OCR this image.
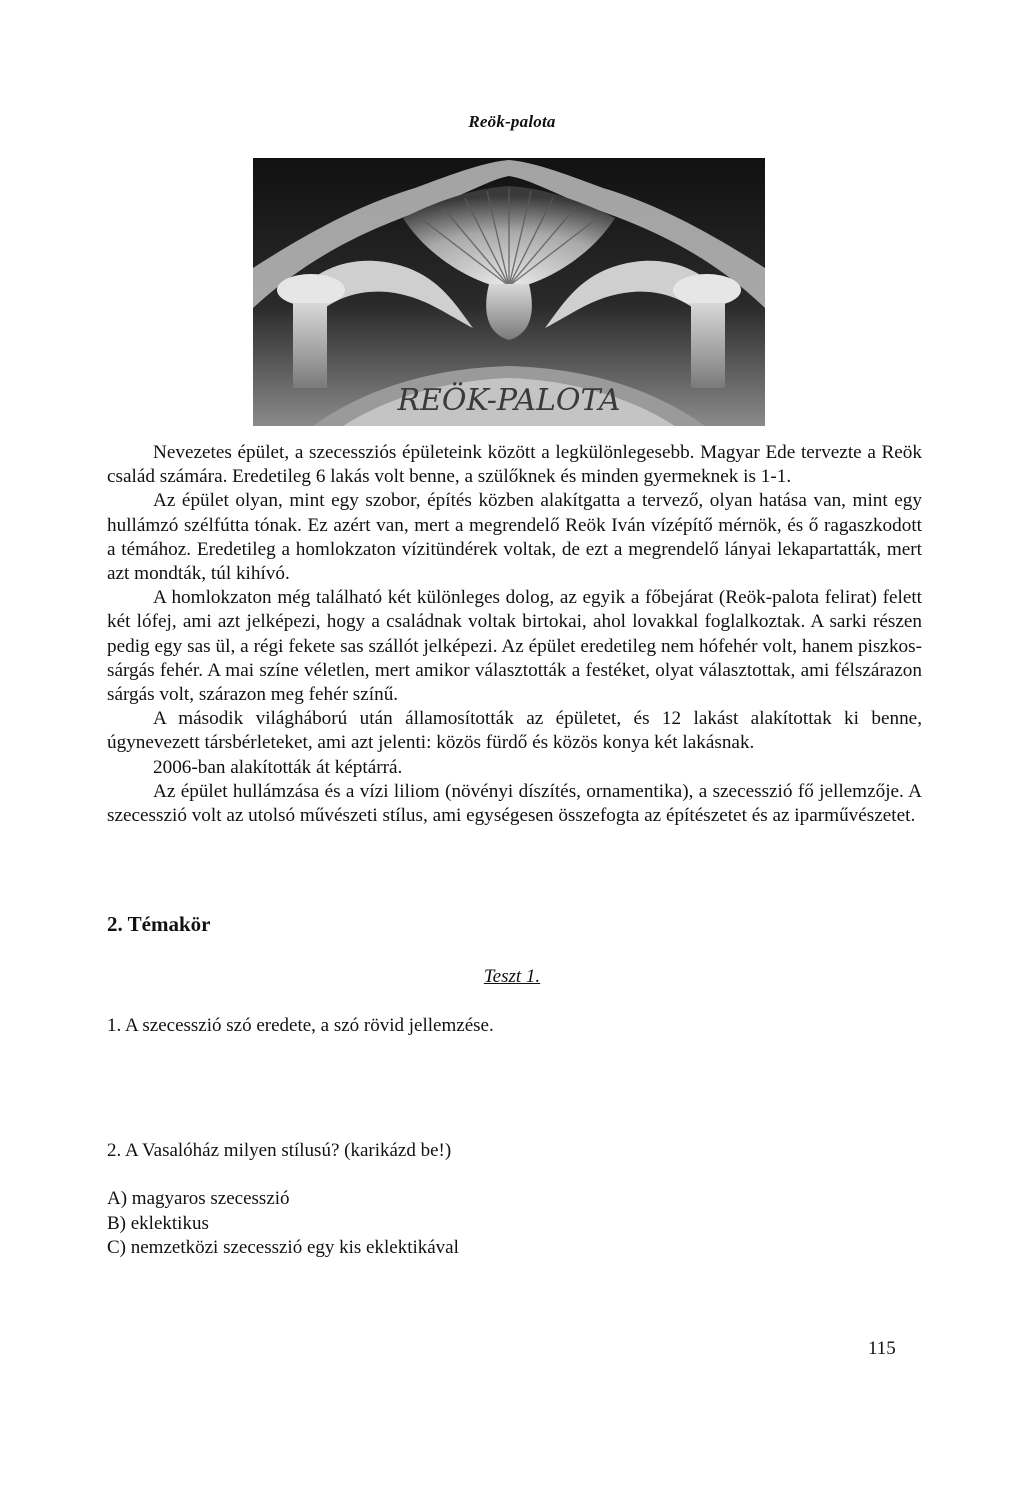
Reök-palota
REÖK-PALOTA

Nevezetes épület, a szecessziós épületeink között a legkülönlegesebb. Magyar Ede tervezte a Reök család számára. Eredetileg 6 lakás volt benne, a szülőknek és minden gyermeknek is 1-1.

Az épület olyan, mint egy szobor, építés közben alakítgatta a tervező, olyan hatása van, mint egy hullámzó szélfútta tónak. Ez azért van, mert a megrendelő Reök Iván vízépítő mérnök, és ő ragaszkodott a témához. Eredetileg a homlokzaton vízitündérek voltak, de ezt a megrendelő lányai lekapartatták, mert azt mondták, túl kihívó.

A homlokzaton még található két különleges dolog, az egyik a főbejárat (Reök-palota felirat) felett két lófej, ami azt jelképezi, hogy a családnak voltak birtokai, ahol lovakkal foglalkoztak. A sarki részen pedig egy sas ül, a régi fekete sas szállót jelképezi. Az épület eredetileg nem hófehér volt, hanem piszkos-sárgás fehér. A mai színe véletlen, mert amikor választották a festéket, olyat választottak, ami félszárazon sárgás volt, szárazon meg fehér színű.

A második világháború után államosították az épületet, és 12 lakást alakítottak ki benne, úgynevezett társbérleteket, ami azt jelenti: közös fürdő és közös konya két lakásnak.

2006-ban alakították át képtárrá.

Az épület hullámzása és a vízi liliom (növényi díszítés, ornamentika), a szecesszió fő jellemzője. A szecesszió volt az utolsó művészeti stílus, ami egységesen összefogta az építészetet és az iparművészetet.

2. Témakör
Teszt 1.
1. A szecesszió szó eredete, a szó rövid jellemzése.
2. A Vasalóház milyen stílusú? (karikázd be!)
A) magyaros szecesszió
B) eklektikus
C) nemzetközi szecesszió egy kis eklektikával
115
